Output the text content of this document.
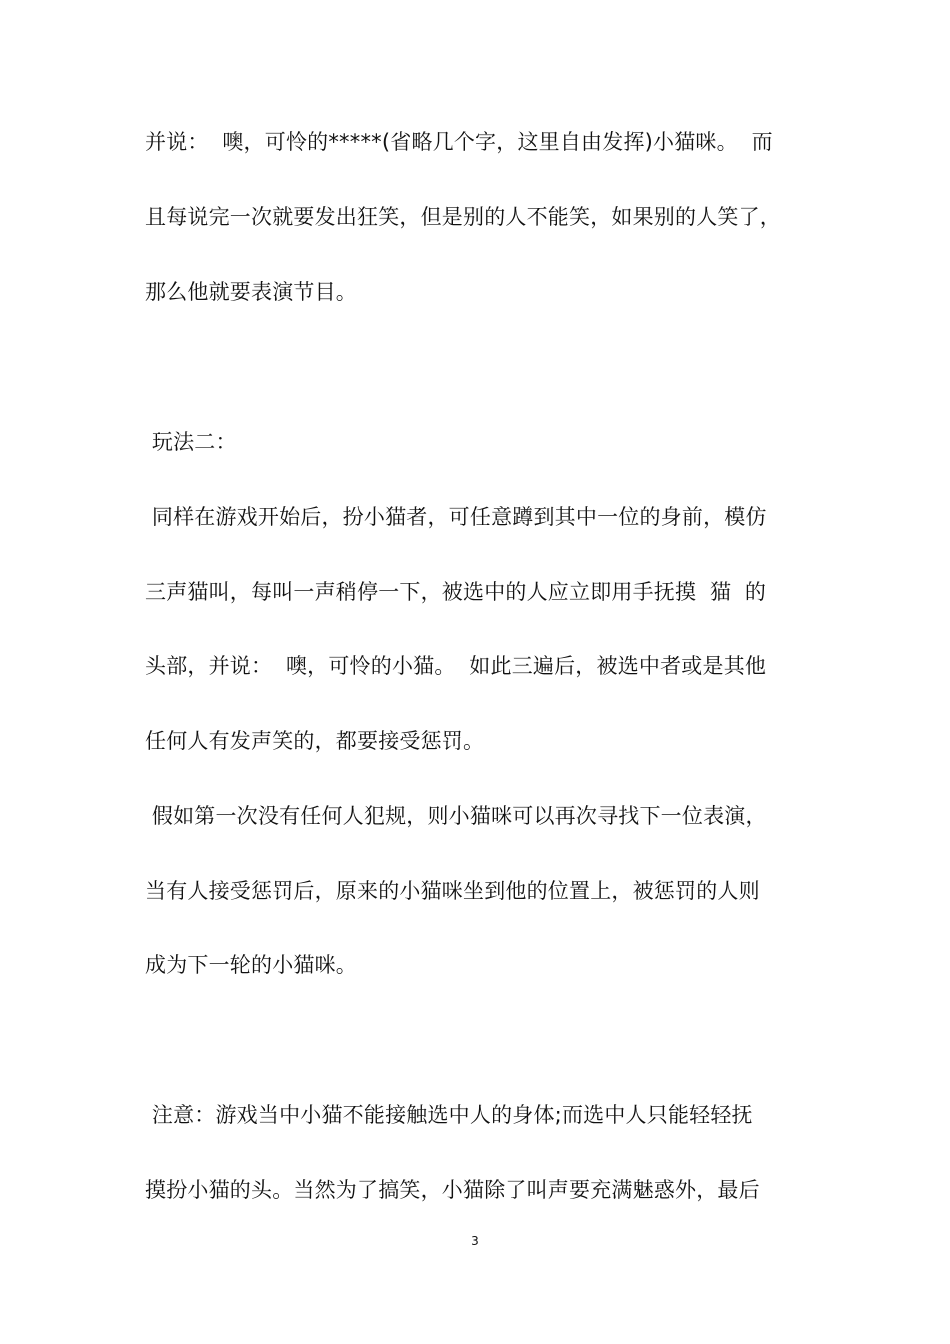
并说：  噢，可怜的*****(省略几个字，这里自由发挥)小猫咪。  而
且每说完一次就要发出狂笑，但是别的人不能笑，如果别的人笑了，
那么他就要表演节目。
玩法二：
同样在游戏开始后，扮小猫者，可任意蹲到其中一位的身前，模仿
三声猫叫，每叫一声稍停一下，被选中的人应立即用手抚摸  猫  的
头部，并说：  噢，可怜的小猫。  如此三遍后，被选中者或是其他
任何人有发声笑的，都要接受惩罚。
假如第一次没有任何人犯规，则小猫咪可以再次寻找下一位表演，
当有人接受惩罚后，原来的小猫咪坐到他的位置上，被惩罚的人则
成为下一轮的小猫咪。
注意：游戏当中小猫不能接触选中人的身体;而选中人只能轻轻抚
摸扮小猫的头。当然为了搞笑，小猫除了叫声要充满魅惑外，最后
3
